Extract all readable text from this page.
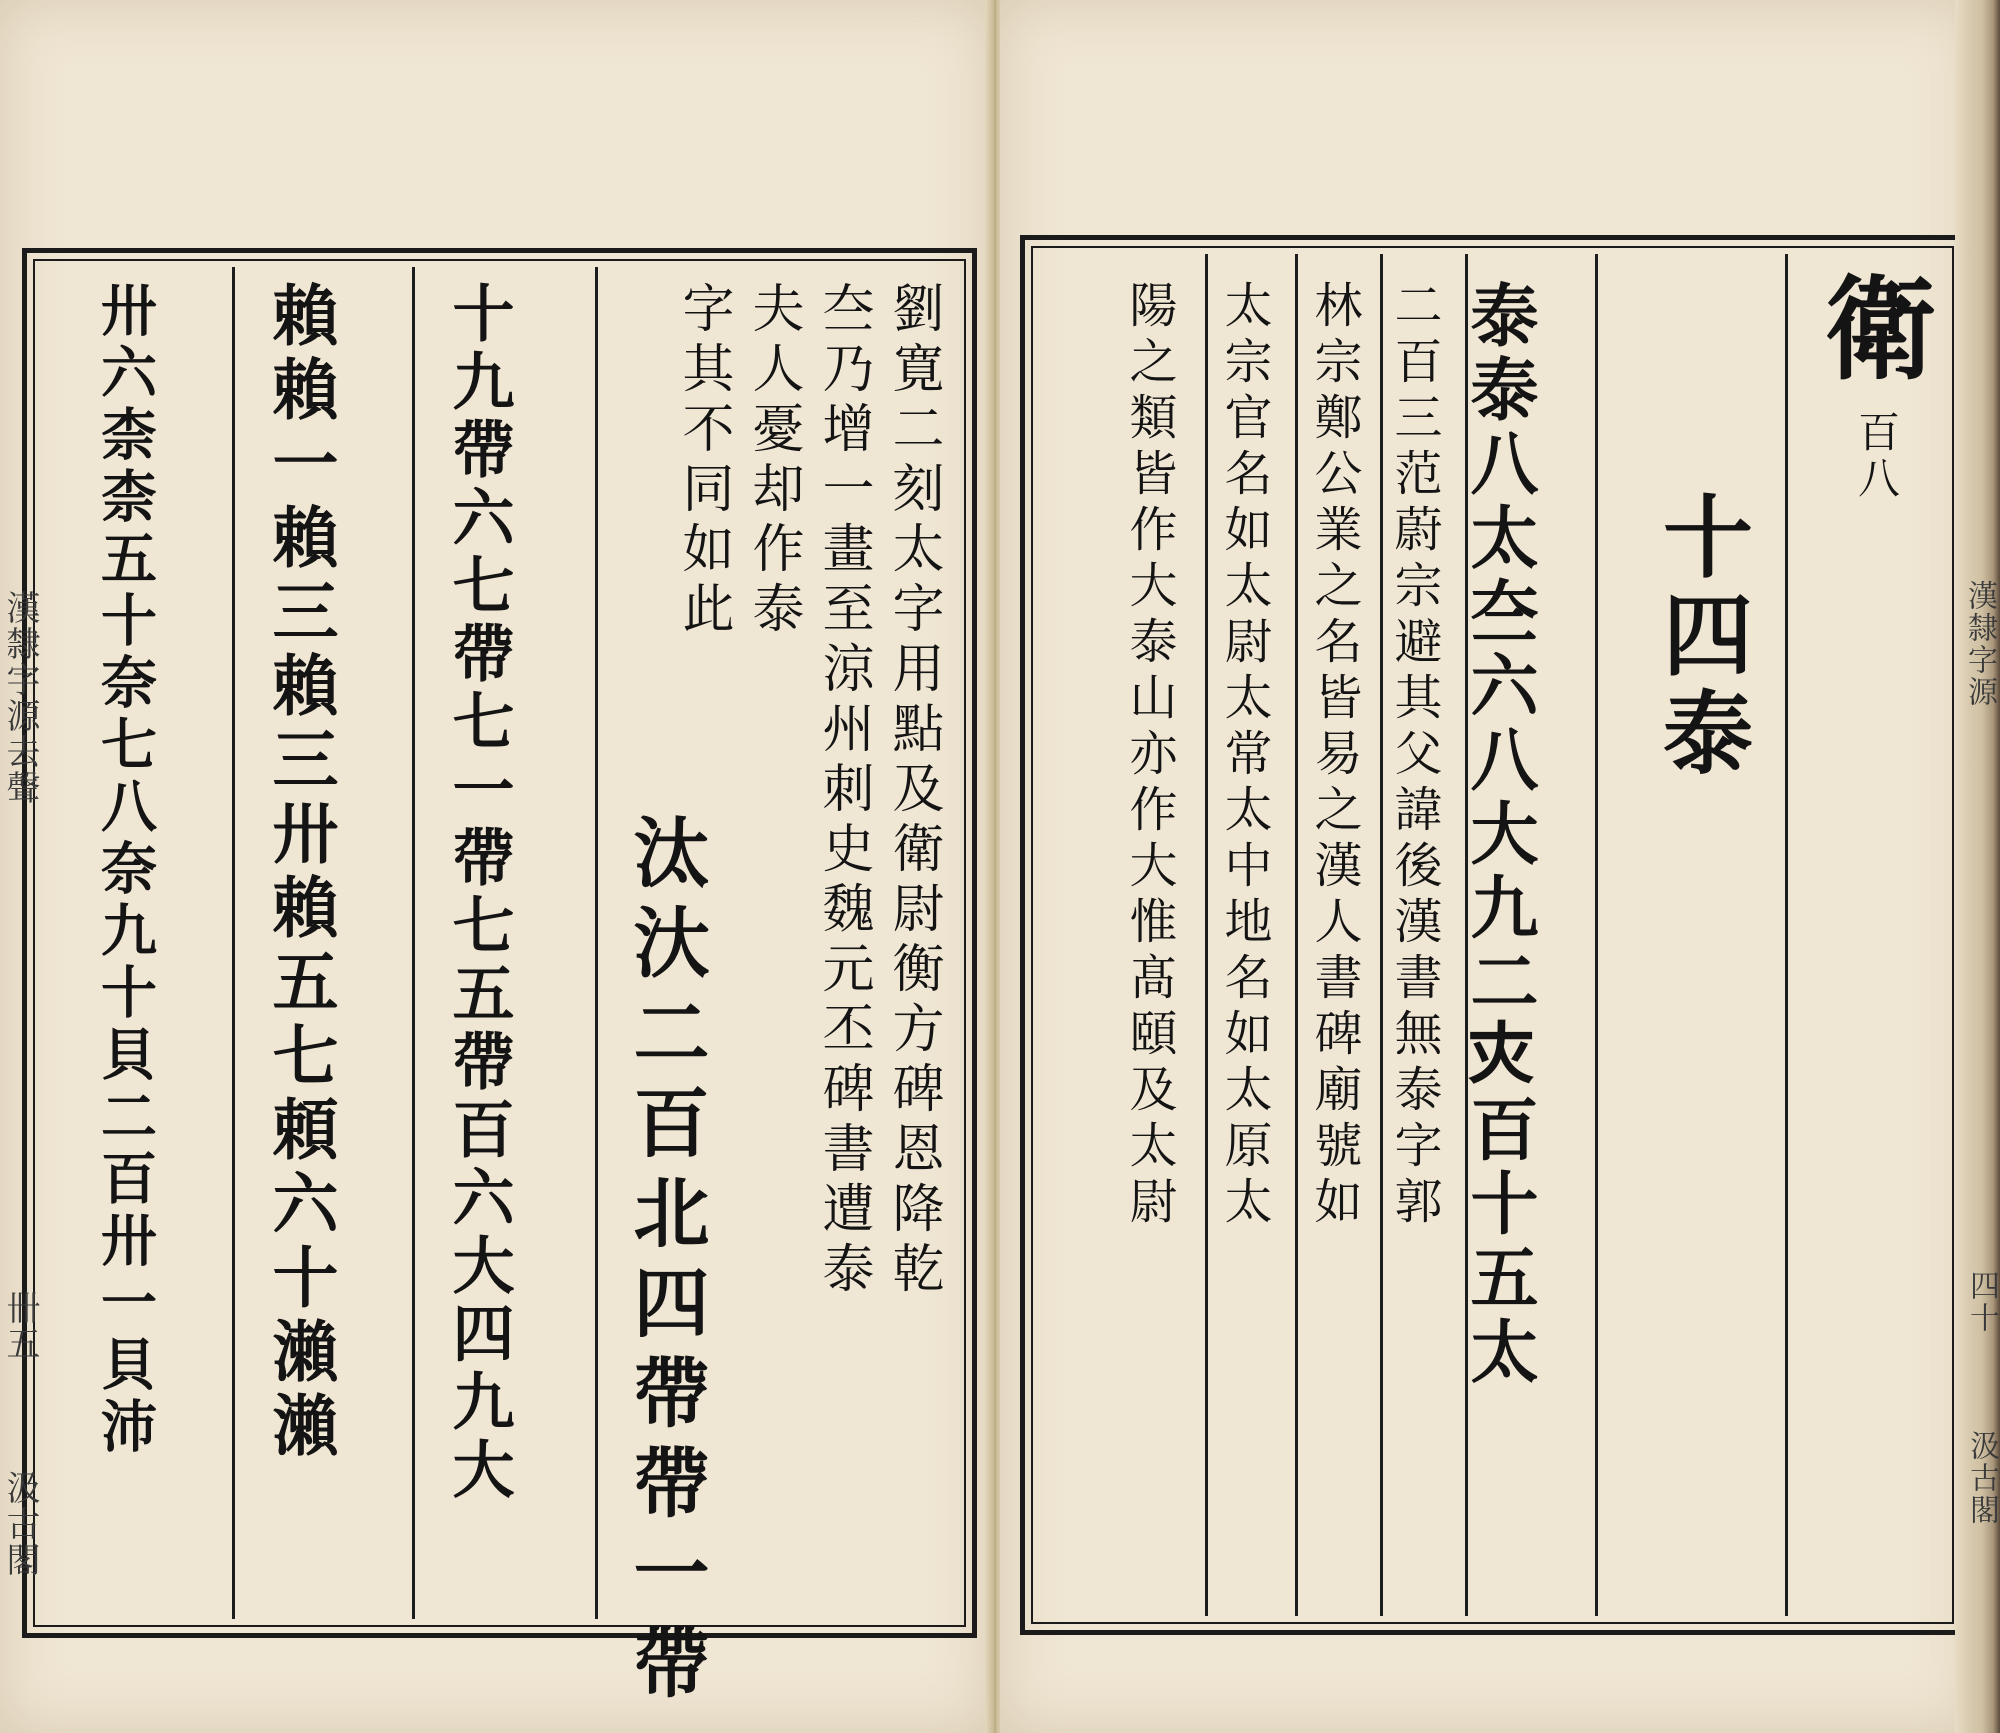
劉寛二刻太字用點及衛尉衡方碑恩降乾
夳乃增一畫至涼州刺史魏元丕碑書遭泰
夫人憂却作泰
字其不同如此
汰汏二百北四帶帶一帶
十九帶六七帶七一帶七五帶百六大四九大
賴賴一賴三賴三卅賴五七頼六十瀨瀨
卅六柰柰五十奈七八奈九十貝二百卅一貝沛
漢隸字源去聲
卌五
汲古閣
衛
百八
十四泰
泰泰八太夳六八大九二𡗜百十五太
二百三范蔚宗避其父諱後漢書無泰字郭
林宗鄭公業之名皆易之漢人書碑廟號如
太宗官名如太尉太常太中地名如太原太
陽之類皆作大泰山亦作大惟髙頤及太尉	漢隸字源
四十
汲古閣
